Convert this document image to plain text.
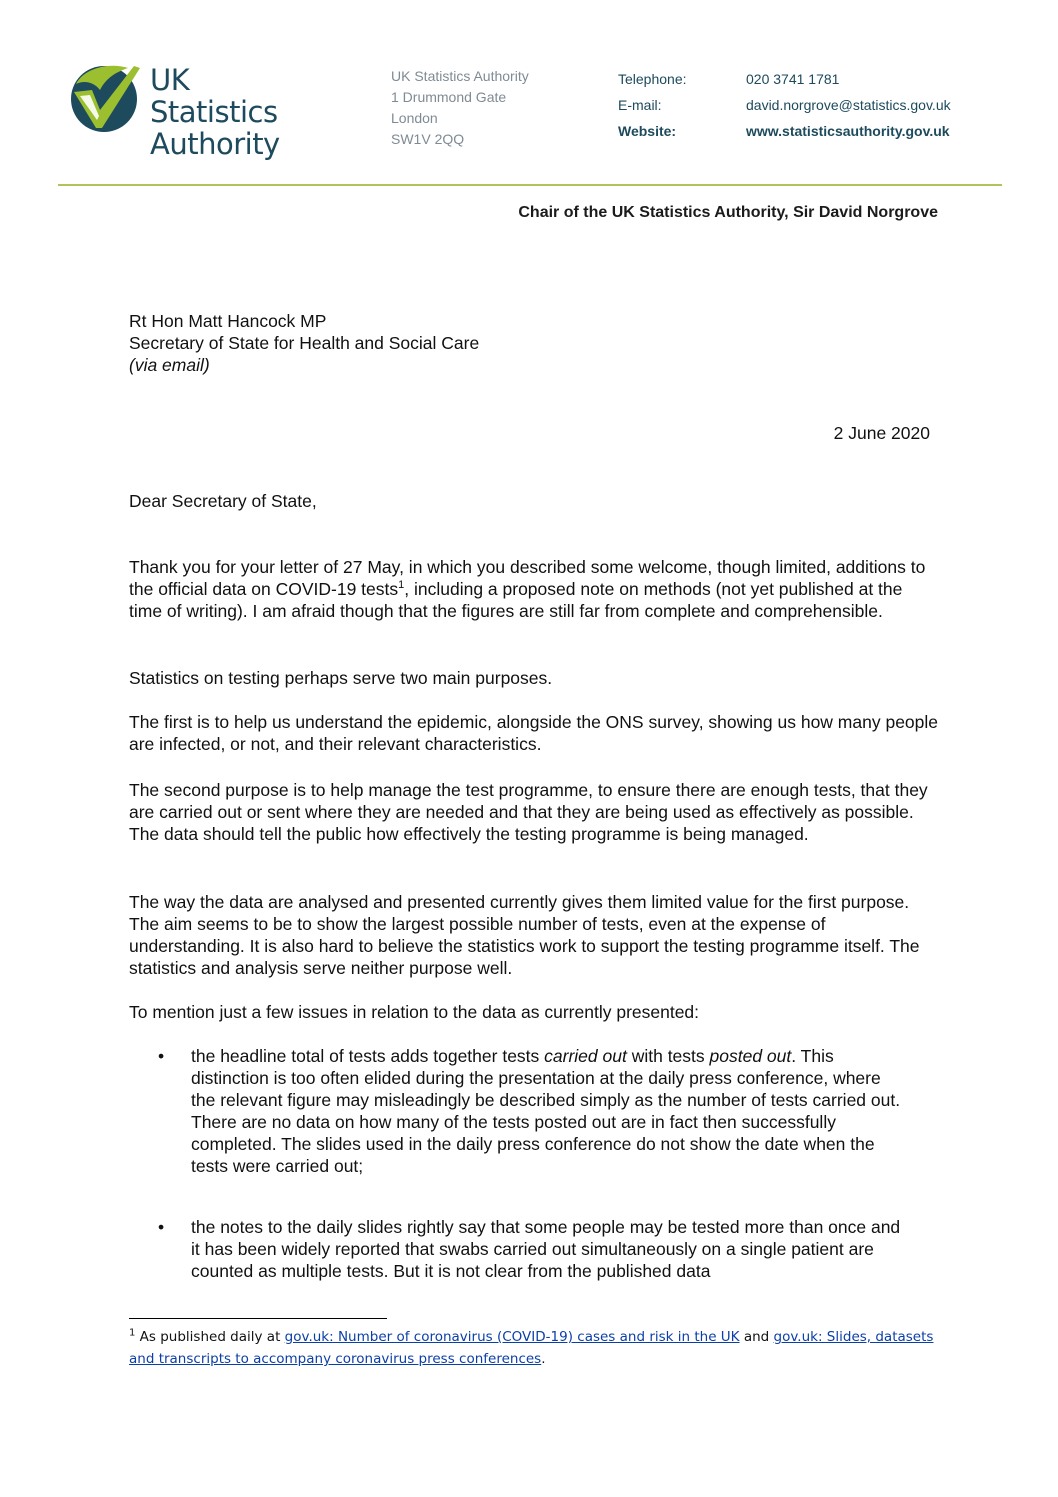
UK Statistics
Authority
UK Statistics Authority
1 Drummond Gate
London
SW1V 2QQ
Telephone:
E-mail:
Website:
020 3741 1781
david.norgrove@statistics.gov.uk
www.statisticsauthority.gov.uk
Chair of the UK Statistics Authority, Sir David Norgrove
Rt Hon Matt Hancock MP
Secretary of State for Health and Social Care
(via email)
2 June 2020
Dear Secretary of State,
Thank you for your letter of 27 May, in which you described some welcome, though limited, additions to the official data on COVID-19 tests$^1$, including a proposed note on methods (not yet published at the time of writing). I am afraid though that the figures are still far from complete and comprehensible.
Statistics on testing perhaps serve two main purposes.
The first is to help us understand the epidemic, alongside the ONS survey, showing us how many people are infected, or not, and their relevant characteristics.
The second purpose is to help manage the test programme, to ensure there are enough tests, that they are carried out or sent where they are needed and that they are being used as effectively as possible. The data should tell the public how effectively the testing programme is being managed.
The way the data are analysed and presented currently gives them limited value for the first purpose. The aim seems to be to show the largest possible number of tests, even at the expense of understanding. It is also hard to believe the statistics work to support the testing programme itself. The statistics and analysis serve neither purpose well.
To mention just a few issues in relation to the data as currently presented:
• the headline total of tests adds together tests carried out with tests posted out. This distinction is too often elided during the presentation at the daily press conference, where the relevant figure may misleadingly be described simply as the number of tests carried out. There are no data on how many of the tests posted out are in fact then successfully completed. The slides used in the daily press conference do not show the date when the tests were carried out;
• the notes to the daily slides rightly say that some people may be tested more than once and it has been widely reported that swabs carried out simultaneously on a single patient are counted as multiple tests. But it is not clear from the published data
$^1$ As published daily at gov.uk: Number of coronavirus (COVID-19) cases and risk in the UK and gov.uk: Slides, datasets and transcripts to accompany coronavirus press conferences.
